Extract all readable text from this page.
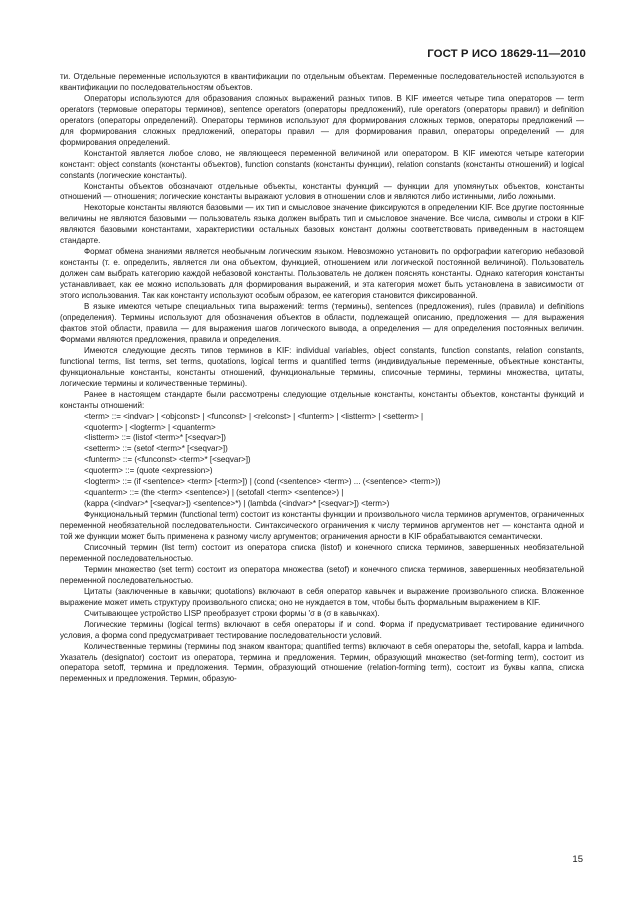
ГОСТ Р ИСО 18629-11—2010

ти. Отдельные переменные используются в квантификации по отдельным объектам. Переменные последовательностей используются в квантификации по последовательностям объектов.

Операторы используются для образования сложных выражений разных типов. В KIF имеется четыре типа операторов — term operators (термовые операторы терминов), sentence operators (операторы предложений), rule operators (операторы правил) и definition operators (операторы определений). Операторы терминов используют для формирования сложных термов, операторы предложений — для формирования сложных предложений, операторы правил — для формирования правил, операторы определений — для формирования определений.

Константой является любое слово, не являющееся переменной величиной или оператором. В KIF имеются четыре категории констант: object constants (константы объектов), function constants (константы функции), relation constants (константы отношений) и logical constants (логические константы).

Константы объектов обозначают отдельные объекты, константы функций — функции для упомянутых объектов, константы отношений — отношения; логические константы выражают условия в отношении слов и являются либо истинными, либо ложными.

Некоторые константы являются базовыми — их тип и смысловое значение фиксируются в определении KIF. Все другие постоянные величины не являются базовыми — пользователь языка должен выбрать тип и смысловое значение. Все числа, символы и строки в KIF являются базовыми константами, характеристики остальных базовых констант должны соответствовать приведенным в настоящем стандарте.

Формат обмена знаниями является необычным логическим языком. Невозможно установить по орфографии категорию небазовой константы (т. е. определить, является ли она объектом, функцией, отношением или логической постоянной величиной). Пользователь должен сам выбрать категорию каждой небазовой константы. Пользователь не должен пояснять константы. Однако категория константы устанавливает, как ее можно использовать для формирования выражений, и эта категория может быть установлена в зависимости от этого использования. Так как константу используют особым образом, ее категория становится фиксированной.

В языке имеются четыре специальных типа выражений: terms (термины), sentences (предложения), rules (правила) и definitions (определения). Термины используют для обозначения объектов в области, подлежащей описанию, предложения — для выражения фактов этой области, правила — для выражения шагов логического вывода, а определения — для определения постоянных величин. Формами являются предложения, правила и определения.

Имеются следующие десять типов терминов в KIF: individual variables, object constants, function constants, relation constants, functional terms, list terms, set terms, quotations, logical terms и quantified terms (индивидуальные переменные, объектные константы, функциональные константы, константы отношений, функциональные термины, списочные термины, термины множества, цитаты, логические термины и количественные термины).

Ранее в настоящем стандарте были рассмотрены следующие отдельные константы, константы объектов, константы функций и константы отношений:

<term> ::= <indvar> | <objconst> | <funconst> | <relconst> | <funterm> | <listterm> | <setterm> |

<quoterm> | <logterm> | <quanterm>

<listterm> ::= (listof <term>* [<seqvar>])

<setterm> ::= (setof <term>* [<seqvar>])

<funterm> ::= (<funconst> <term>* [<seqvar>])

<quoterm> ::= (quote <expression>)

<logterm> ::= (if <sentence> <term> [<term>]) | (cond (<sentence> <term>) ... (<sentence> <term>))

<quanterm> ::= (the <term> <sentence>) | (setofall <term> <sentence>) |

(kappa (<indvar>* [<seqvar>]) <sentence>*) | (lambda (<indvar>* [<seqvar>]) <term>)

Функциональный термин (functional term) состоит из константы функции и произвольного числа терминов аргументов, ограниченных переменной необязательной последовательности. Синтаксического ограничения к числу терминов аргументов нет — константа одной и той же функции может быть применена к разному числу аргументов; ограничения арности в KIF обрабатываются семантически.

Списочный термин (list term) состоит из оператора списка (listof) и конечного списка терминов, завершенных необязательной переменной последовательностью.

Термин множество (set term) состоит из оператора множества (setof) и конечного списка терминов, завершенных необязательной переменной последовательностью.

Цитаты (заключенные в кавычки; quotations) включают в себя оператор кавычек и выражение произвольного списка. Вложенное выражение может иметь структуру произвольного списка; оно не нуждается в том, чтобы быть формальным выражением в KIF.

Считывающее устройство LISP преобразует строки формы 'σ в (σ в кавычках).

Логические термины (logical terms) включают в себя операторы if и cond. Форма if предусматривает тестирование единичного условия, а форма cond предусматривает тестирование последовательности условий.

Количественные термины (термины под знаком квантора; quantified terms) включают в себя операторы the, setofall, kappa и lambda. Указатель (designator) состоит из оператора, термина и предложения. Термин, образующий множество (set-forming term), состоит из оператора setoff, термина и предложения. Термин, образующий отношение (relation-forming term), состоит из буквы каппа, списка переменных и предложения. Термин, образую-

15
